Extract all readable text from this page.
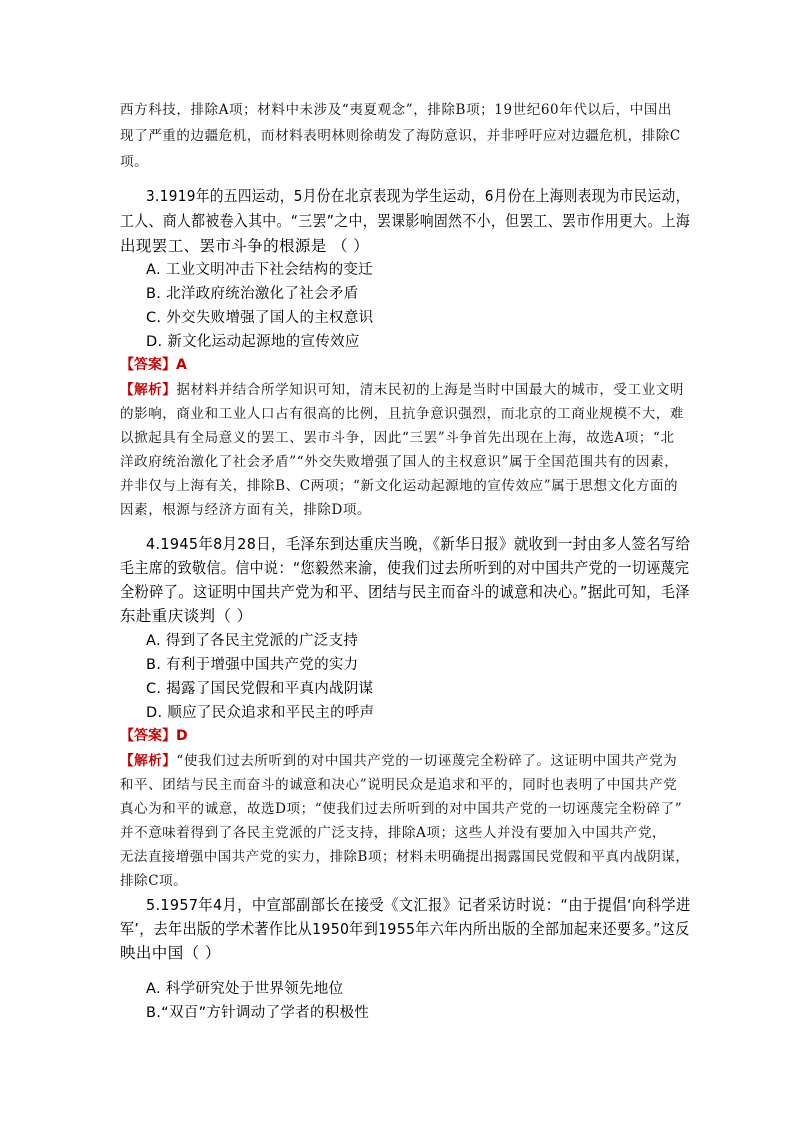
西方科技，排除A项；材料中未涉及“夷夏观念”，排除B项；19世纪60年代以后，中国出
现了严重的边疆危机，而材料表明林则徐萌发了海防意识，并非呼吁应对边疆危机，排除C
项。
3.1919年的五四运动，5月份在北京表现为学生运动，6月份在上海则表现为市民运动，
工人、商人都被卷入其中。“三罢”之中，罢课影响固然不小，但罢工、罢市作用更大。上海
出现罢工、罢市斗争的根源是 （ ）
A. 工业文明冲击下社会结构的变迁
B. 北洋政府统治激化了社会矛盾
C. 外交失败增强了国人的主权意识
D. 新文化运动起源地的宣传效应
【答案】A
【解析】据材料并结合所学知识可知，清末民初的上海是当时中国最大的城市，受工业文明
的影响，商业和工业人口占有很高的比例，且抗争意识强烈，而北京的工商业规模不大，难
以掀起具有全局意义的罢工、罢市斗争，因此“三罢”斗争首先出现在上海，故选A项；“北
洋政府统治激化了社会矛盾”“外交失败增强了国人的主权意识”属于全国范围共有的因素，
并非仅与上海有关，排除B、C两项；“新文化运动起源地的宣传效应”属于思想文化方面的
因素，根源与经济方面有关，排除D项。
4.1945年8月28日，毛泽东到达重庆当晚，《新华日报》就收到一封由多人签名写给
毛主席的致敬信。信中说：“您毅然来渝，使我们过去所听到的对中国共产党的一切诬蔑完
全粉碎了。这证明中国共产党为和平、团结与民主而奋斗的诚意和决心。”据此可知，毛泽
东赴重庆谈判（ ）
A. 得到了各民主党派的广泛支持
B. 有利于增强中国共产党的实力
C. 揭露了国民党假和平真内战阴谋
D. 顺应了民众追求和平民主的呼声
【答案】D
【解析】“使我们过去所听到的对中国共产党的一切诬蔑完全粉碎了。这证明中国共产党为
和平、团结与民主而奋斗的诚意和决心”说明民众是追求和平的，同时也表明了中国共产党
真心为和平的诚意，故选D项；“使我们过去所听到的对中国共产党的一切诬蔑完全粉碎了”
并不意味着得到了各民主党派的广泛支持，排除A项；这些人并没有要加入中国共产党，
无法直接增强中国共产党的实力，排除B项；材料未明确提出揭露国民党假和平真内战阴谋，
排除C项。
5.1957年4月，中宣部副部长在接受《文汇报》记者采访时说：“由于提倡‘向科学进
军’，去年出版的学术著作比从1950年到1955年六年内所出版的全部加起来还要多。”这反
映出中国（ ）
A. 科学研究处于世界领先地位
B.“双百”方针调动了学者的积极性
